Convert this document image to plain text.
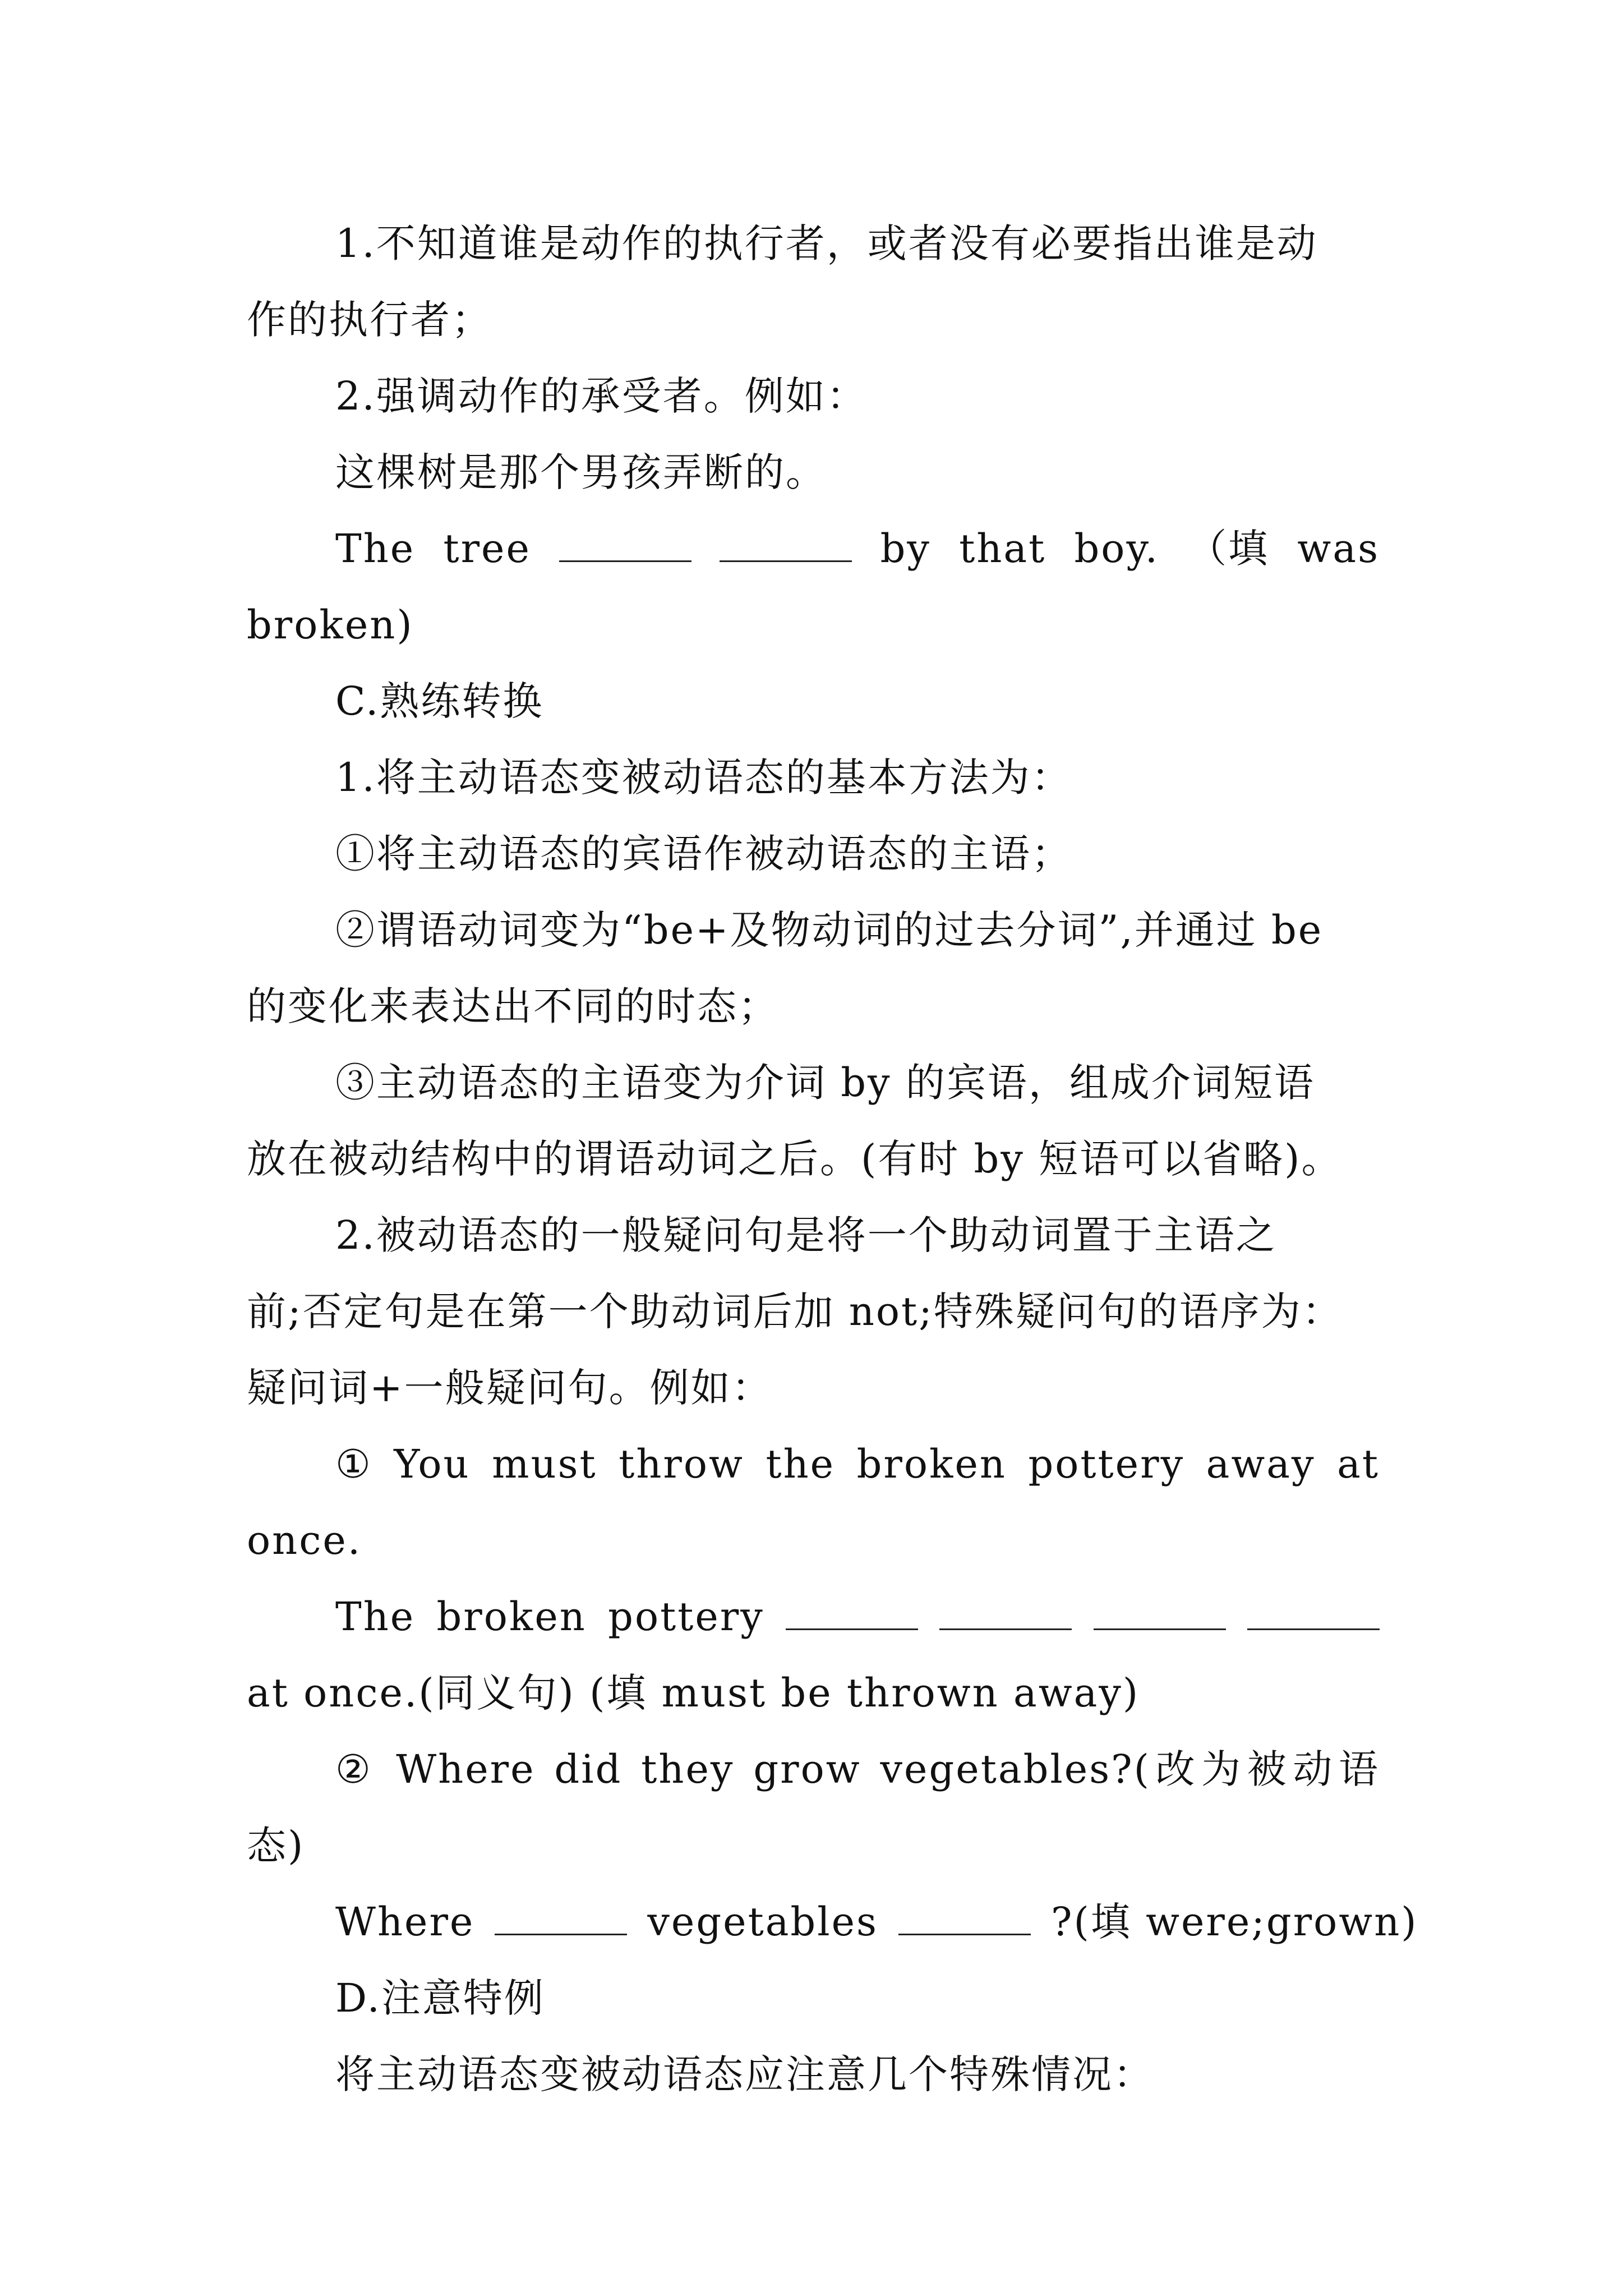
1.不知道谁是动作的执行者，或者没有必要指出谁是动
作的执行者；

2.强调动作的承受者。例如：

这棵树是那个男孩弄断的。

The tree	by that boy. （填 was

broken)

C.熟练转换

1.将主动语态变被动语态的基本方法为：

①将主动语态的宾语作被动语态的主语；

②谓语动词变为“be+及物动词的过去分词”,并通过 be
的变化来表达出不同的时态；

③主动语态的主语变为介词 by 的宾语，组成介词短语
放在被动结构中的谓语动词之后。(有时 by 短语可以省略)。

2.被动语态的一般疑问句是将一个助动词置于主语之
前;否定句是在第一个助动词后加 not;特殊疑问句的语序为：
疑问词+一般疑问句。例如：

① You must throw the broken pottery away at

once.

The broken pottery

at once.(同义句) (填 must be thrown away)

② Where did they grow vegetables?(改为被动语态)

Where	vegetables	?(填 were;grown)

D.注意特例

将主动语态变被动语态应注意几个特殊情况：
